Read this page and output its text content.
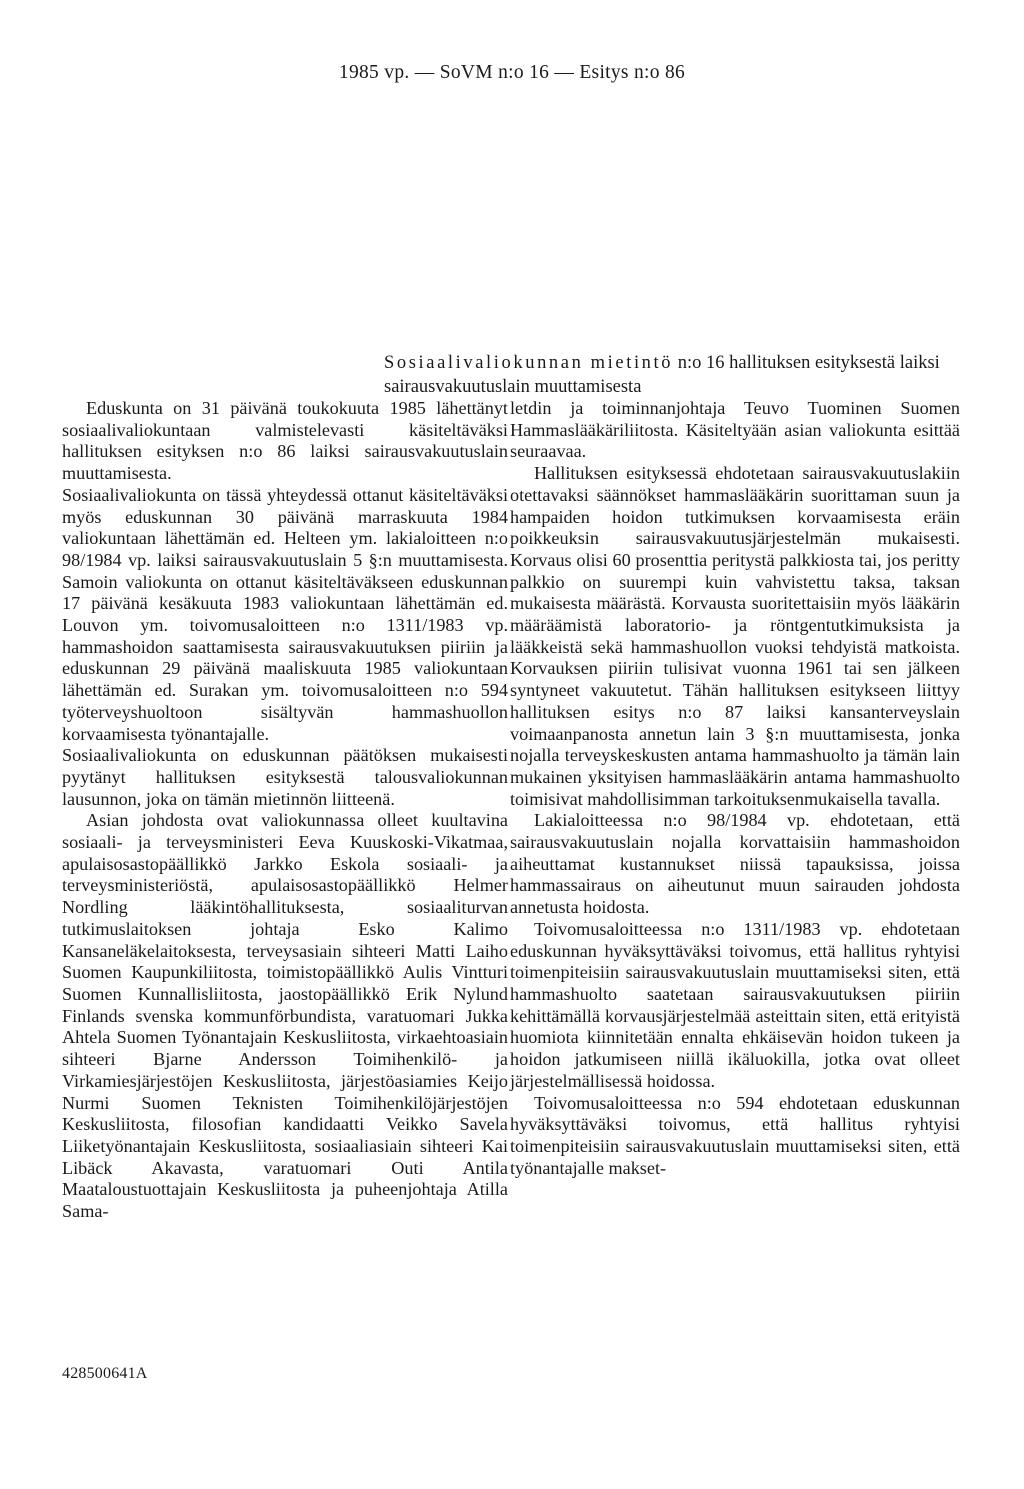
1985 vp. — SoVM n:o 16 — Esitys n:o 86
Sosiaalivaliokunnan mietintö n:o 16 hallituksen esityksestä laiksi sairausvakuutuslain muuttamisesta

Eduskunta on 31 päivänä toukokuuta 1985 lähettänyt sosiaalivaliokuntaan valmistelevasti käsiteltäväksi hallituksen esityksen n:o 86 laiksi sairausvakuutuslain muuttamisesta.

Sosiaalivaliokunta on tässä yhteydessä ottanut käsiteltäväksi myös eduskunnan 30 päivänä marraskuuta 1984 valiokuntaan lähettämän ed. Helteen ym. lakialoitteen n:o 98/1984 vp. laiksi sairausvakuutuslain 5 §:n muuttamisesta. Samoin valiokunta on ottanut käsiteltäväkseen eduskunnan 17 päivänä kesäkuuta 1983 valiokuntaan lähettämän ed. Louvon ym. toivomusaloitteen n:o 1311/1983 vp. hammashoidon saattamisesta sairausvakuutuksen piiriin ja eduskunnan 29 päivänä maaliskuuta 1985 valiokuntaan lähettämän ed. Surakan ym. toivomusaloitteen n:o 594 työterveyshuoltoon sisältyvän hammashuollon korvaamisesta työnantajalle.

Sosiaalivaliokunta on eduskunnan päätöksen mukaisesti pyytänyt hallituksen esityksestä talousvaliokunnan lausunnon, joka on tämän mietinnön liitteenä.

Asian johdosta ovat valiokunnassa olleet kuultavina sosiaali- ja terveysministeri Eeva Kuuskoski-Vikatmaa, apulaisosastopäällikkö Jarkko Eskola sosiaali- ja terveysministeriöstä, apulaisosastopäällikkö Helmer Nordling lääkintöhallituksesta, sosiaaliturvan tutkimuslaitoksen johtaja Esko Kalimo Kansaneläkelaitoksesta, terveysasiain sihteeri Matti Laiho Suomen Kaupunkiliitosta, toimistopäällikkö Aulis Vintturi Suomen Kunnallisliitosta, jaostopäällikkö Erik Nylund Finlands svenska kommunförbundista, varatuomari Jukka Ahtela Suomen Työnantajain Keskusliitosta, virkaehtoasiain sihteeri Bjarne Andersson Toimihenkilö- ja Virkamiesjärjestöjen Keskusliitosta, järjestöasiamies Keijo Nurmi Suomen Teknisten Toimihenkilöjärjestöjen Keskusliitosta, filosofian kandidaatti Veikko Savela Liiketyönantajain Keskusliitosta, sosiaaliasiain sihteeri Kai Libäck Akavasta, varatuomari Outi Antila Maataloustuottajain Keskusliitosta ja puheenjohtaja Atilla Sama-

letdin ja toiminnanjohtaja Teuvo Tuominen Suomen Hammaslääkäriliitosta. Käsiteltyään asian valiokunta esittää seuraavaa.

Hallituksen esityksessä ehdotetaan sairausvakuutuslakiin otettavaksi säännökset hammaslääkärin suorittaman suun ja hampaiden hoidon tutkimuksen korvaamisesta eräin poikkeuksin sairausvakuutusjärjestelmän mukaisesti. Korvaus olisi 60 prosenttia peritystä palkkiosta tai, jos peritty palkkio on suurempi kuin vahvistettu taksa, taksan mukaisesta määrästä. Korvausta suoritettaisiin myös lääkärin määräämistä laboratorio- ja röntgentutkimuksista ja lääkkeistä sekä hammashuollon vuoksi tehdyistä matkoista. Korvauksen piiriin tulisivat vuonna 1961 tai sen jälkeen syntyneet vakuutetut. Tähän hallituksen esitykseen liittyy hallituksen esitys n:o 87 laiksi kansanterveyslain voimaanpanosta annetun lain 3 §:n muuttamisesta, jonka nojalla terveyskeskusten antama hammashuolto ja tämän lain mukainen yksityisen hammaslääkärin antama hammashuolto toimisivat mahdollisimman tarkoituksenmukaisella tavalla.

Lakialoitteessa n:o 98/1984 vp. ehdotetaan, että sairausvakuutuslain nojalla korvattaisiin hammashoidon aiheuttamat kustannukset niissä tapauksissa, joissa hammassairaus on aiheutunut muun sairauden johdosta annetusta hoidosta.

Toivomusaloitteessa n:o 1311/1983 vp. ehdotetaan eduskunnan hyväksyttäväksi toivomus, että hallitus ryhtyisi toimenpiteisiin sairausvakuutuslain muuttamiseksi siten, että hammashuolto saatetaan sairausvakuutuksen piiriin kehittämällä korvausjärjestelmää asteittain siten, että erityistä huomiota kiinnitetään ennalta ehkäisevän hoidon tukeen ja hoidon jatkumiseen niillä ikäluokilla, jotka ovat olleet järjestelmällisessä hoidossa.

Toivomusaloitteessa n:o 594 ehdotetaan eduskunnan hyväksyttäväksi toivomus, että hallitus ryhtyisi toimenpiteisiin sairausvakuutuslain muuttamiseksi siten, että työnantajalle makset-

428500641A
